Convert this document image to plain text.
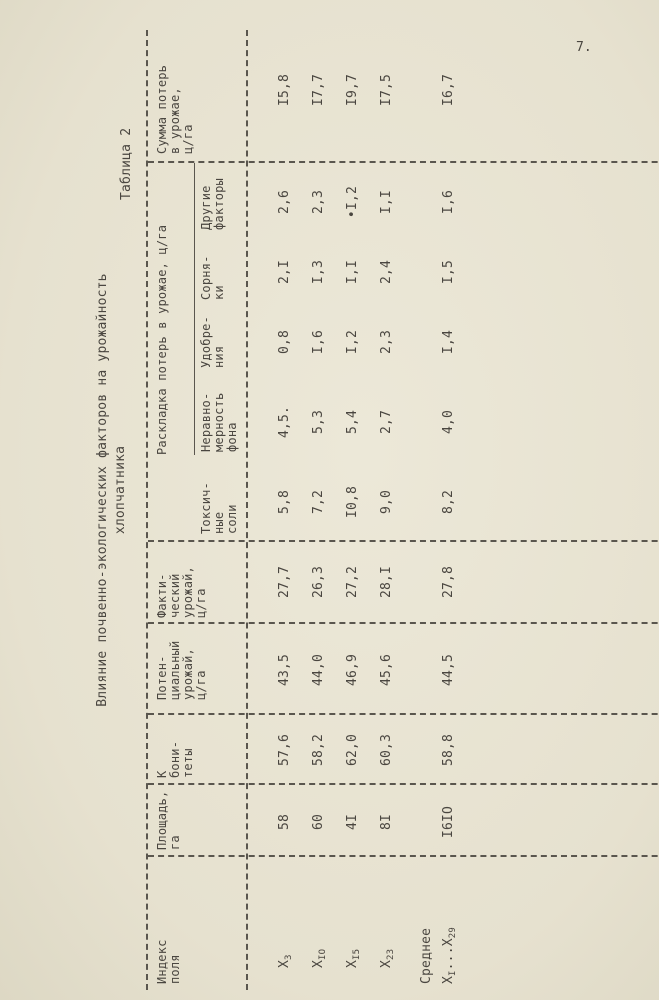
7.
Таблица 2
Влияние почвенно-экологических факторов на урожайность хлопчатника
Индекс
поля
Площадь,
га
К
бони-
теты
Потен-
циальный
урожай,
ц/га
Факти-
ческий
урожай,
ц/га
Раскладка потерь в урожае, ц/га
Токсич-
ные
соли
Неравно-
мерность
фона
Удобре-
ния
Сорня-
ки
Другие
факторы
Сумма потерь
в урожае,
ц/га
$X_3$
58
57,6
43,5
27,7
5,8
4,5.
0,8
2,I
2,6
I5,8
$X_{IO}$
60
58,2
44,0
26,3
7,2
5,3
I,6
I,3
2,3
I7,7
$X_{I5}$
4I
62,0
46,9
27,2
I0,8
5,4
I,2
I,I
•I,2
I9,7
$X_{23}$
8I
60,3
45,6
28,I
9,0
2,7
2,3
2,4
I,I
I7,5
Среднее $X_I...X_{29}$
I6IO
58,8
44,5
27,8
8,2
4,0
I,4
I,5
I,6
I6,7
